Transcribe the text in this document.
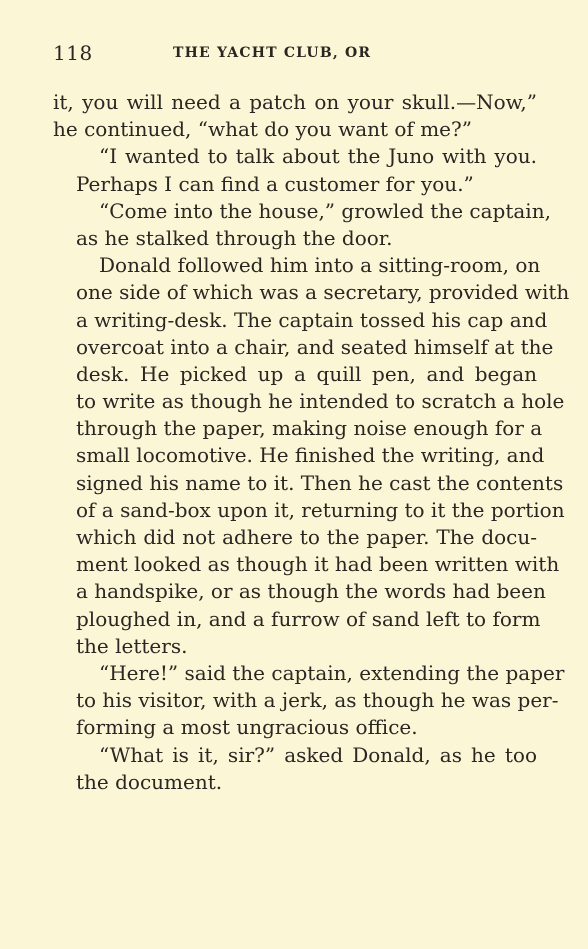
118	THE YACHT CLUB, OR
it, you will need a patch on your skull.—Now,”
he continued, “what do you want of me?”
“I wanted to talk about the Juno with you.
Perhaps I can find a customer for you.”
“Come into the house,” growled the captain,
as he stalked through the door.
Donald followed him into a sitting-room, on
one side of which was a secretary, provided with
a writing-desk. The captain tossed his cap and
overcoat into a chair, and seated himself at the
desk. He picked up a quill pen, and began
to write as though he intended to scratch a hole
through the paper, making noise enough for a
small locomotive. He finished the writing, and
signed his name to it. Then he cast the contents
of a sand-box upon it, returning to it the portion
which did not adhere to the paper. The docu-
ment looked as though it had been written with
a handspike, or as though the words had been
ploughed in, and a furrow of sand left to form
the letters.
“Here!” said the captain, extending the paper
to his visitor, with a jerk, as though he was per-
forming a most ungracious office.
“What is it, sir?” asked Donald, as he too
the document.
